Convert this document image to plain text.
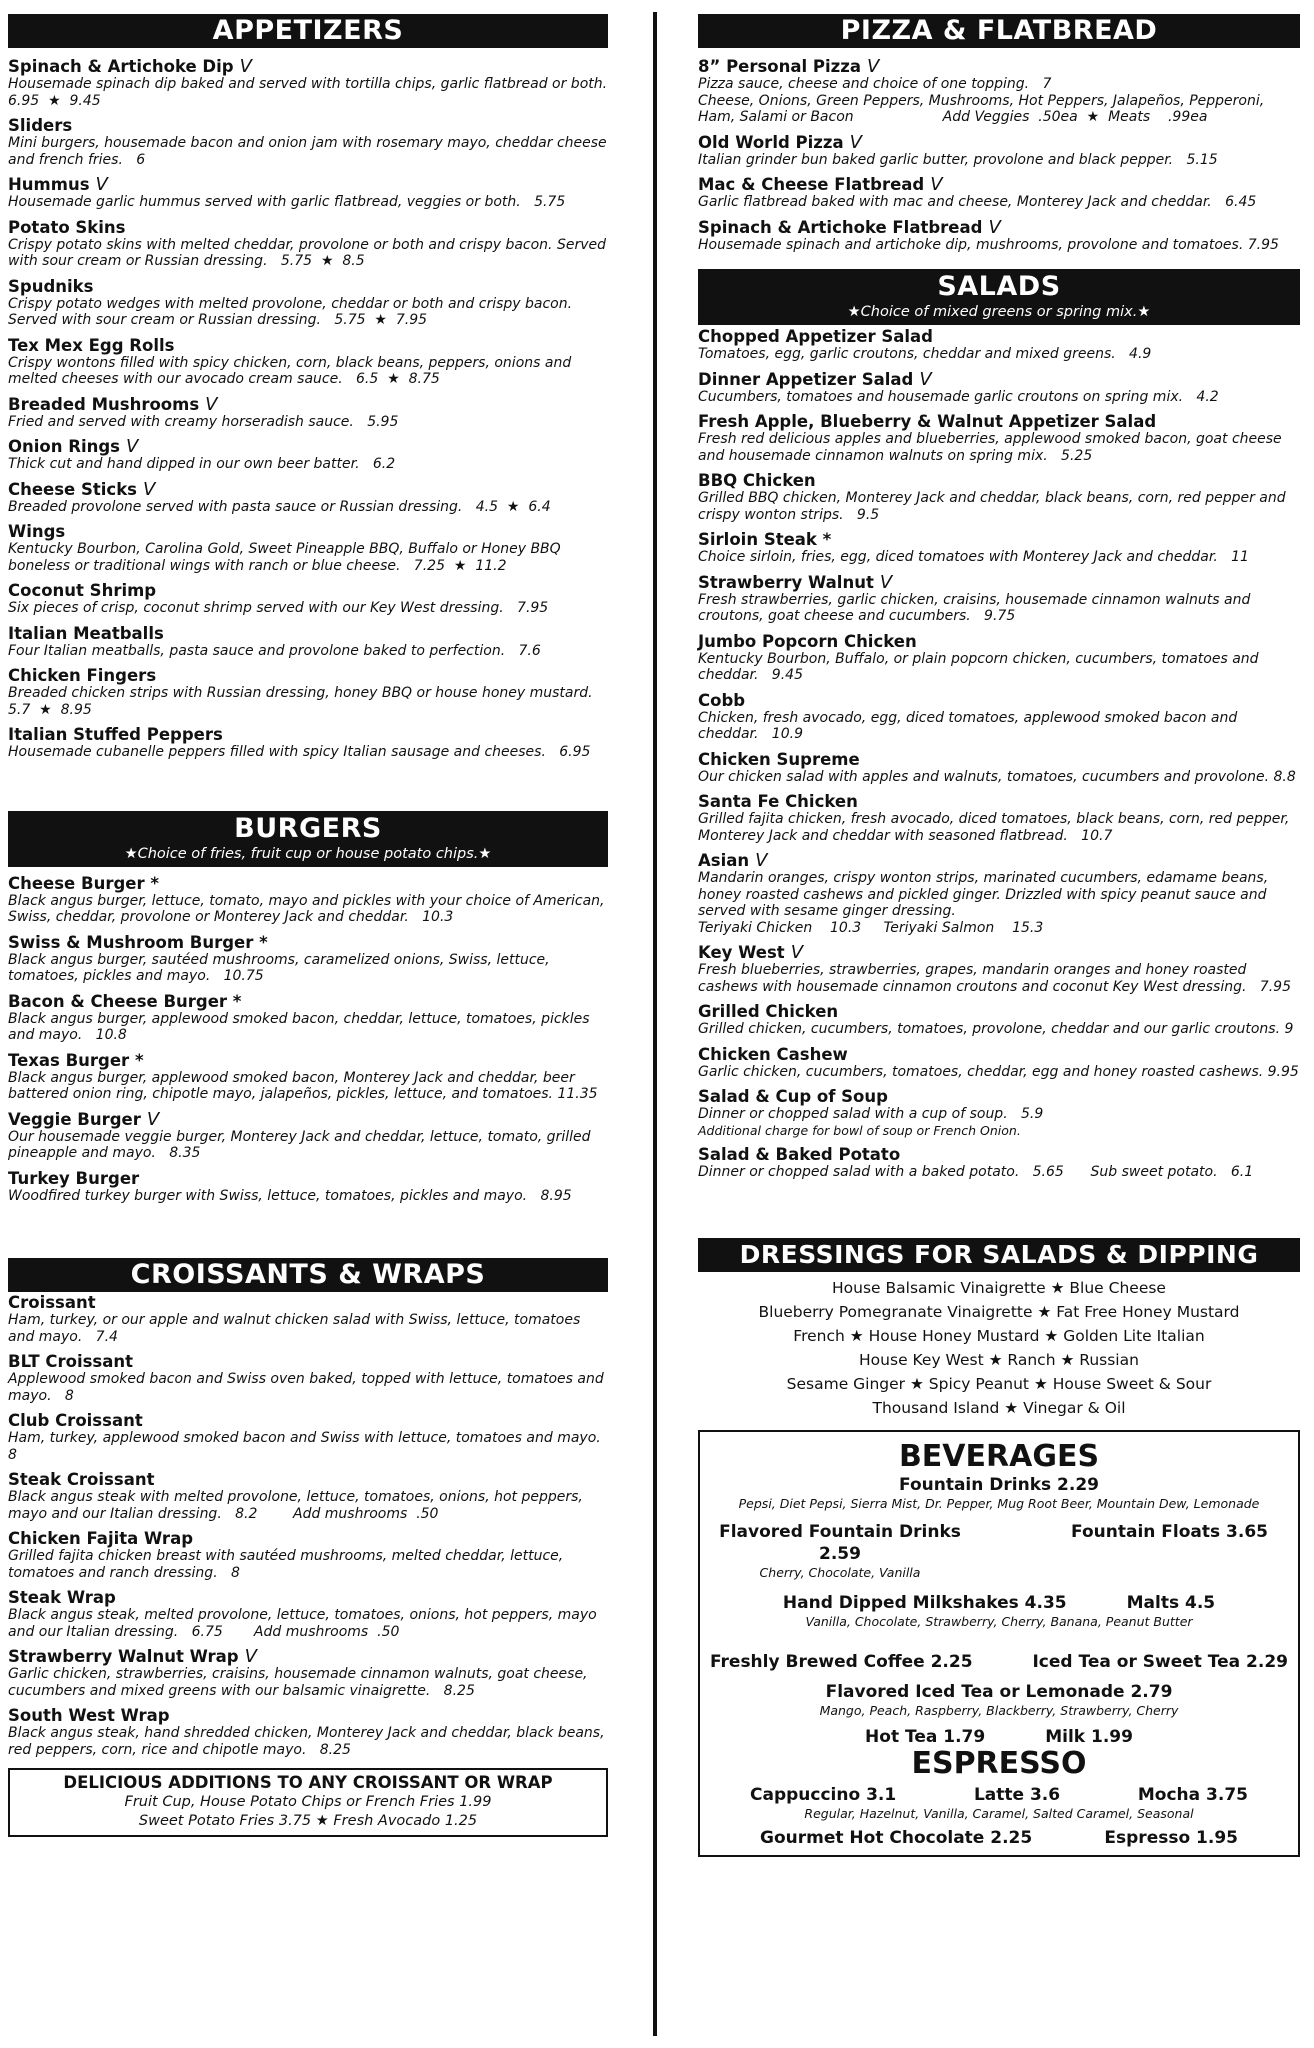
APPETIZERS
Spinach & Artichoke Dip V
Housemade spinach dip baked and served with tortilla chips, garlic flatbread or both.   6.95  ★  9.45
Sliders
Mini burgers, housemade bacon and onion jam with rosemary mayo, cheddar cheese and french fries.   6
Hummus V
Housemade garlic hummus served with garlic flatbread, veggies or both.   5.75
Potato Skins
Crispy potato skins with melted cheddar, provolone or both and crispy bacon. Served with sour cream or Russian dressing.   5.75  ★  8.5
Spudniks
Crispy potato wedges with melted provolone, cheddar or both and crispy bacon. Served with sour cream or Russian dressing.   5.75  ★  7.95
Tex Mex Egg Rolls
Crispy wontons filled with spicy chicken, corn, black beans, peppers, onions and melted cheeses with our avocado cream sauce.   6.5  ★  8.75
Breaded Mushrooms V
Fried and served with creamy horseradish sauce.   5.95
Onion Rings V
Thick cut and hand dipped in our own beer batter.   6.2
Cheese Sticks V
Breaded provolone served with pasta sauce or Russian dressing.   4.5  ★  6.4
Wings
Kentucky Bourbon, Carolina Gold, Sweet Pineapple BBQ, Buffalo or Honey BBQ boneless or traditional wings with ranch or blue cheese.   7.25  ★  11.2
Coconut Shrimp
Six pieces of crisp, coconut shrimp served with our Key West dressing.   7.95
Italian Meatballs
Four Italian meatballs, pasta sauce and provolone baked to perfection.   7.6
Chicken Fingers
Breaded chicken strips with Russian dressing, honey BBQ or house honey mustard.   5.7  ★  8.95
Italian Stuffed Peppers
Housemade cubanelle peppers filled with spicy Italian sausage and cheeses.   6.95
BURGERS
★Choice of fries, fruit cup or house potato chips.★
Cheese Burger *
Black angus burger, lettuce, tomato, mayo and pickles with your choice of American, Swiss, cheddar, provolone or Monterey Jack and cheddar.   10.3
Swiss & Mushroom Burger *
Black angus burger, sautéed mushrooms, caramelized onions, Swiss, lettuce, tomatoes, pickles and mayo.   10.75
Bacon & Cheese Burger *
Black angus burger, applewood smoked bacon, cheddar, lettuce, tomatoes, pickles and mayo.   10.8
Texas Burger *
Black angus burger, applewood smoked bacon, Monterey Jack and cheddar, beer battered onion ring, chipotle mayo, jalapeños, pickles, lettuce, and tomatoes. 11.35
Veggie Burger V
Our housemade veggie burger, Monterey Jack and cheddar, lettuce, tomato, grilled pineapple and mayo.   8.35
Turkey Burger
Woodfired turkey burger with Swiss, lettuce, tomatoes, pickles and mayo.   8.95
CROISSANTS & WRAPS
Croissant
Ham, turkey, or our apple and walnut chicken salad with Swiss, lettuce, tomatoes and mayo.   7.4
BLT Croissant
Applewood smoked bacon and Swiss oven baked, topped with lettuce, tomatoes and mayo.   8
Club Croissant
Ham, turkey, applewood smoked bacon and Swiss with lettuce, tomatoes and mayo.   8
Steak Croissant
Black angus steak with melted provolone, lettuce, tomatoes, onions, hot peppers, mayo and our Italian dressing.   8.2        Add mushrooms  .50
Chicken Fajita Wrap
Grilled fajita chicken breast with sautéed mushrooms, melted cheddar, lettuce, tomatoes and ranch dressing.   8
Steak Wrap
Black angus steak, melted provolone, lettuce, tomatoes, onions, hot peppers, mayo and our Italian dressing.   6.75       Add mushrooms  .50
Strawberry Walnut Wrap V
Garlic chicken, strawberries, craisins, housemade cinnamon walnuts, goat cheese, cucumbers and mixed greens with our balsamic vinaigrette.   8.25
South West Wrap
Black angus steak, hand shredded chicken, Monterey Jack and cheddar, black beans, red peppers, corn, rice and chipotle mayo.   8.25
DELICIOUS ADDITIONS TO ANY CROISSANT OR WRAP
Fruit Cup, House Potato Chips or French Fries 1.99
Sweet Potato Fries 3.75 ★ Fresh Avocado 1.25
PIZZA & FLATBREAD
8” Personal Pizza V
Pizza sauce, cheese and choice of one topping.   7
Cheese, Onions, Green Peppers, Mushrooms, Hot Peppers, Jalapeños, Pepperoni, Ham, Salami or Bacon                    Add Veggies  .50ea  ★  Meats    .99ea
Old World Pizza V
Italian grinder bun baked garlic butter, provolone and black pepper.   5.15
Mac & Cheese Flatbread V
Garlic flatbread baked with mac and cheese, Monterey Jack and cheddar.   6.45
Spinach & Artichoke Flatbread V
Housemade spinach and artichoke dip, mushrooms, provolone and tomatoes. 7.95
SALADS
★Choice of mixed greens or spring mix.★
Chopped Appetizer Salad
Tomatoes, egg, garlic croutons, cheddar and mixed greens.   4.9
Dinner Appetizer Salad V
Cucumbers, tomatoes and housemade garlic croutons on spring mix.   4.2
Fresh Apple, Blueberry & Walnut Appetizer Salad
Fresh red delicious apples and blueberries, applewood smoked bacon, goat cheese and housemade cinnamon walnuts on spring mix.   5.25
BBQ Chicken
Grilled BBQ chicken, Monterey Jack and cheddar, black beans, corn, red pepper and crispy wonton strips.   9.5
Sirloin Steak *
Choice sirloin, fries, egg, diced tomatoes with Monterey Jack and cheddar.   11
Strawberry Walnut V
Fresh strawberries, garlic chicken, craisins, housemade cinnamon walnuts and croutons, goat cheese and cucumbers.   9.75
Jumbo Popcorn Chicken
Kentucky Bourbon, Buffalo, or plain popcorn chicken, cucumbers, tomatoes and cheddar.   9.45
Cobb
Chicken, fresh avocado, egg, diced tomatoes, applewood smoked bacon and cheddar.   10.9
Chicken Supreme
Our chicken salad with apples and walnuts, tomatoes, cucumbers and provolone. 8.8
Santa Fe Chicken
Grilled fajita chicken, fresh avocado, diced tomatoes, black beans, corn, red pepper, Monterey Jack and cheddar with seasoned flatbread.   10.7
Asian V
Mandarin oranges, crispy wonton strips, marinated cucumbers, edamame beans, honey roasted cashews and pickled ginger. Drizzled with spicy peanut sauce and served with sesame ginger dressing.
Teriyaki Chicken    10.3     Teriyaki Salmon    15.3
Key West V
Fresh blueberries, strawberries, grapes, mandarin oranges and honey roasted cashews with housemade cinnamon croutons and coconut Key West dressing.   7.95
Grilled Chicken
Grilled chicken, cucumbers, tomatoes, provolone, cheddar and our garlic croutons. 9
Chicken Cashew
Garlic chicken, cucumbers, tomatoes, cheddar, egg and honey roasted cashews. 9.95
Salad & Cup of Soup
Dinner or chopped salad with a cup of soup.   5.9
Additional charge for bowl of soup or French Onion.
Salad & Baked Potato
Dinner or chopped salad with a baked potato.   5.65      Sub sweet potato.   6.1
DRESSINGS FOR SALADS & DIPPING
House Balsamic Vinaigrette ★ Blue Cheese
Blueberry Pomegranate Vinaigrette ★ Fat Free Honey Mustard
French ★ House Honey Mustard ★ Golden Lite Italian
House Key West ★ Ranch ★ Russian
Sesame Ginger ★ Spicy Peanut ★ House Sweet & Sour
Thousand Island ★ Vinegar & Oil
BEVERAGES
Fountain Drinks 2.29
Pepsi, Diet Pepsi, Sierra Mist, Dr. Pepper, Mug Root Beer, Mountain Dew, Lemonade
Flavored Fountain Drinks 2.59
Cherry, Chocolate, Vanilla
Fountain Floats 3.65
Hand Dipped Milkshakes 4.35	Malts 4.5
Vanilla, Chocolate, Strawberry, Cherry, Banana, Peanut Butter
Freshly Brewed Coffee 2.25	Iced Tea or Sweet Tea 2.29
Flavored Iced Tea or Lemonade 2.79
Mango, Peach, Raspberry, Blackberry, Strawberry, Cherry
Hot Tea 1.79	Milk 1.99
ESPRESSO
Cappuccino 3.1	Latte 3.6	Mocha 3.75
Regular, Hazelnut, Vanilla, Caramel, Salted Caramel, Seasonal
Gourmet Hot Chocolate 2.25	Espresso 1.95
